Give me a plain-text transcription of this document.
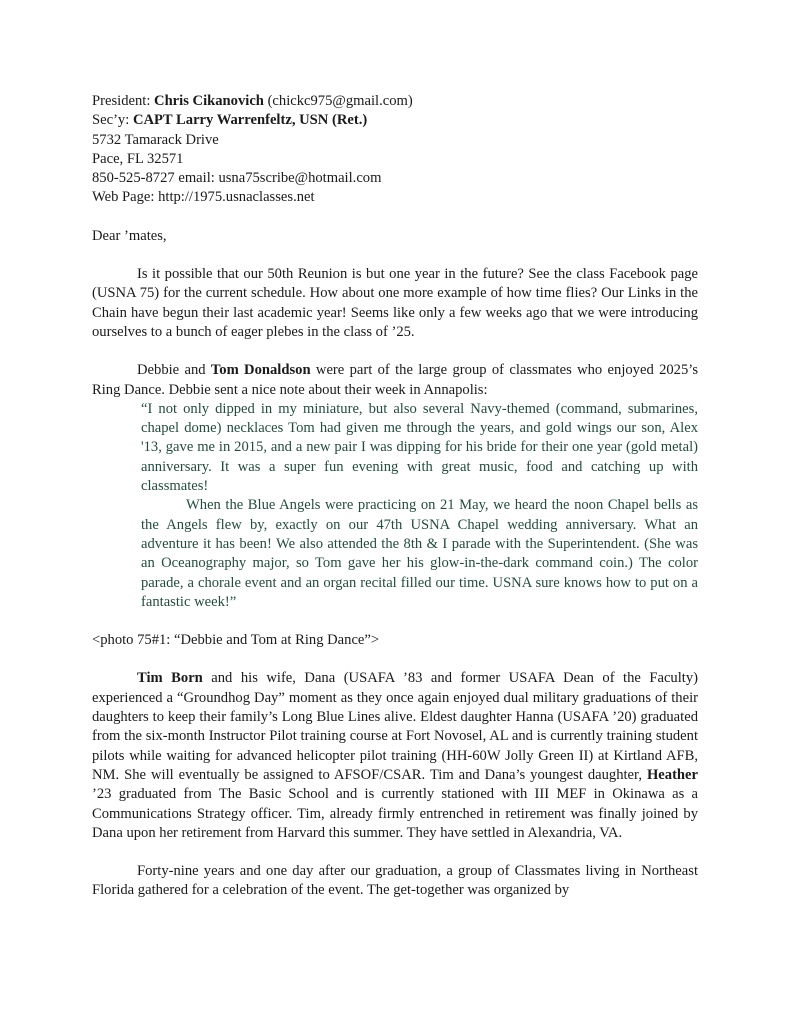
President: Chris Cikanovich (chickc975@gmail.com)
Sec’y: CAPT Larry Warrenfeltz, USN (Ret.)
5732 Tamarack Drive
Pace, FL 32571
850-525-8727 email: usna75scribe@hotmail.com
Web Page: http://1975.usnaclasses.net

Dear ’mates,

Is it possible that our 50th Reunion is but one year in the future? See the class Facebook page (USNA 75) for the current schedule. How about one more example of how time flies? Our Links in the Chain have begun their last academic year! Seems like only a few weeks ago that we were introducing ourselves to a bunch of eager plebes in the class of ’25.

Debbie and Tom Donaldson were part of the large group of classmates who enjoyed 2025’s Ring Dance. Debbie sent a nice note about their week in Annapolis:

“I not only dipped in my miniature, but also several Navy-themed (command, submarines, chapel dome) necklaces Tom had given me through the years, and gold wings our son, Alex '13, gave me in 2015, and a new pair I was dipping for his bride for their one year (gold metal) anniversary. It was a super fun evening with great music, food and catching up with classmates!

When the Blue Angels were practicing on 21 May, we heard the noon Chapel bells as the Angels flew by, exactly on our 47th USNA Chapel wedding anniversary. What an adventure it has been! We also attended the 8th & I parade with the Superintendent. (She was an Oceanography major, so Tom gave her his glow-in-the-dark command coin.) The color parade, a chorale event and an organ recital filled our time. USNA sure knows how to put on a fantastic week!”

<photo 75#1: “Debbie and Tom at Ring Dance”>

Tim Born and his wife, Dana (USAFA ’83 and former USAFA Dean of the Faculty) experienced a “Groundhog Day” moment as they once again enjoyed dual military graduations of their daughters to keep their family’s Long Blue Lines alive. Eldest daughter Hanna (USAFA ’20) graduated from the six-month Instructor Pilot training course at Fort Novosel, AL and is currently training student pilots while waiting for advanced helicopter pilot training (HH-60W Jolly Green II) at Kirtland AFB, NM. She will eventually be assigned to AFSOF/CSAR. Tim and Dana’s youngest daughter, Heather ’23 graduated from The Basic School and is currently stationed with III MEF in Okinawa as a Communications Strategy officer. Tim, already firmly entrenched in retirement was finally joined by Dana upon her retirement from Harvard this summer. They have settled in Alexandria, VA.

Forty-nine years and one day after our graduation, a group of Classmates living in Northeast Florida gathered for a celebration of the event. The get-together was organized by
